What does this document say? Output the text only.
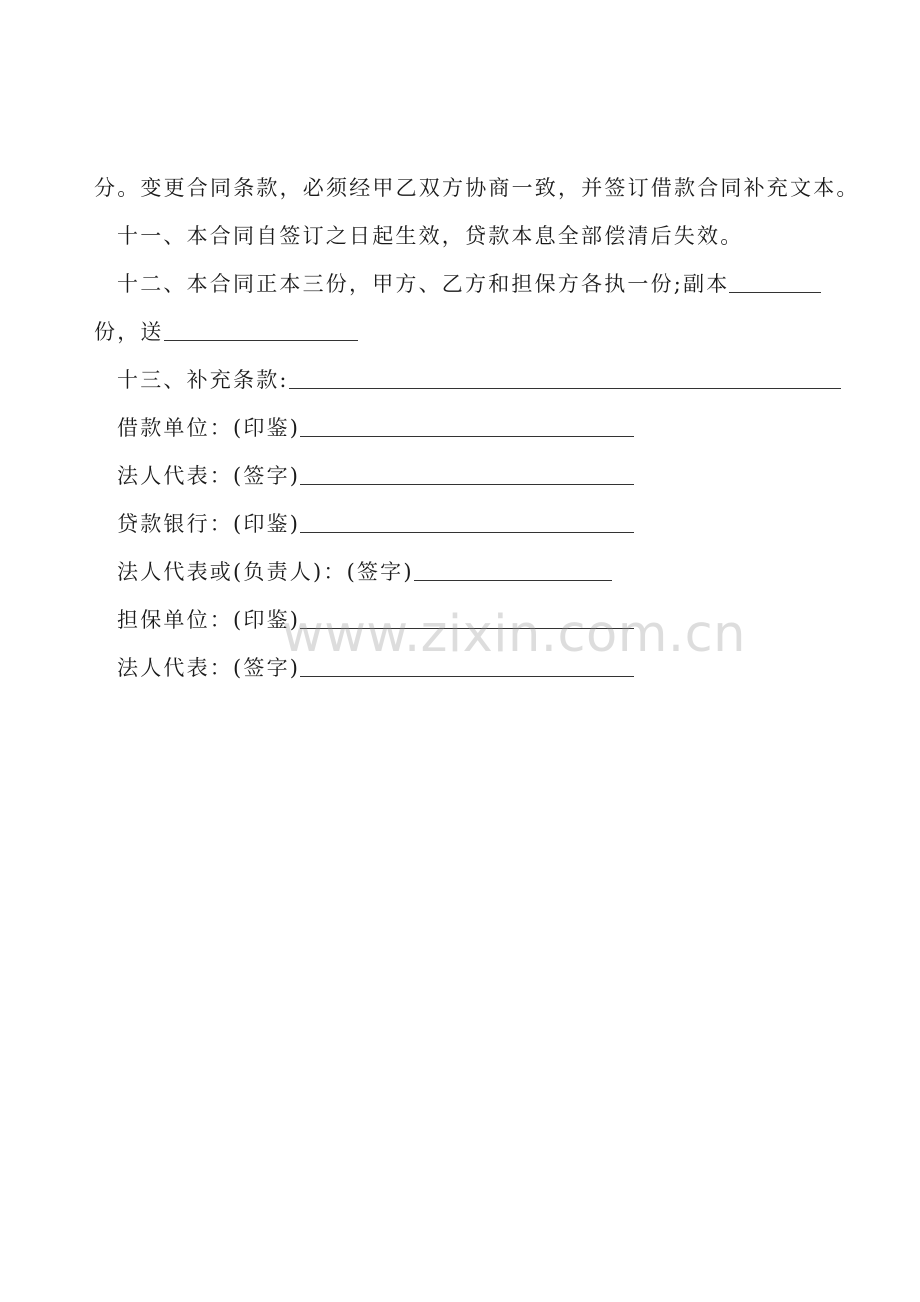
分。变更合同条款，必须经甲乙双方协商一致，并签订借款合同补充文本。
十一、本合同自签订之日起生效，贷款本息全部偿清后失效。
十二、本合同正本三份，甲方、乙方和担保方各执一份;副本
份，送
十三、补充条款:
借款单位：(印鉴)
法人代表：(签字)
贷款银行：(印鉴)
法人代表或(负责人)：(签字)
担保单位：(印鉴)
法人代表：(签字)
www.zixin.com.cn
